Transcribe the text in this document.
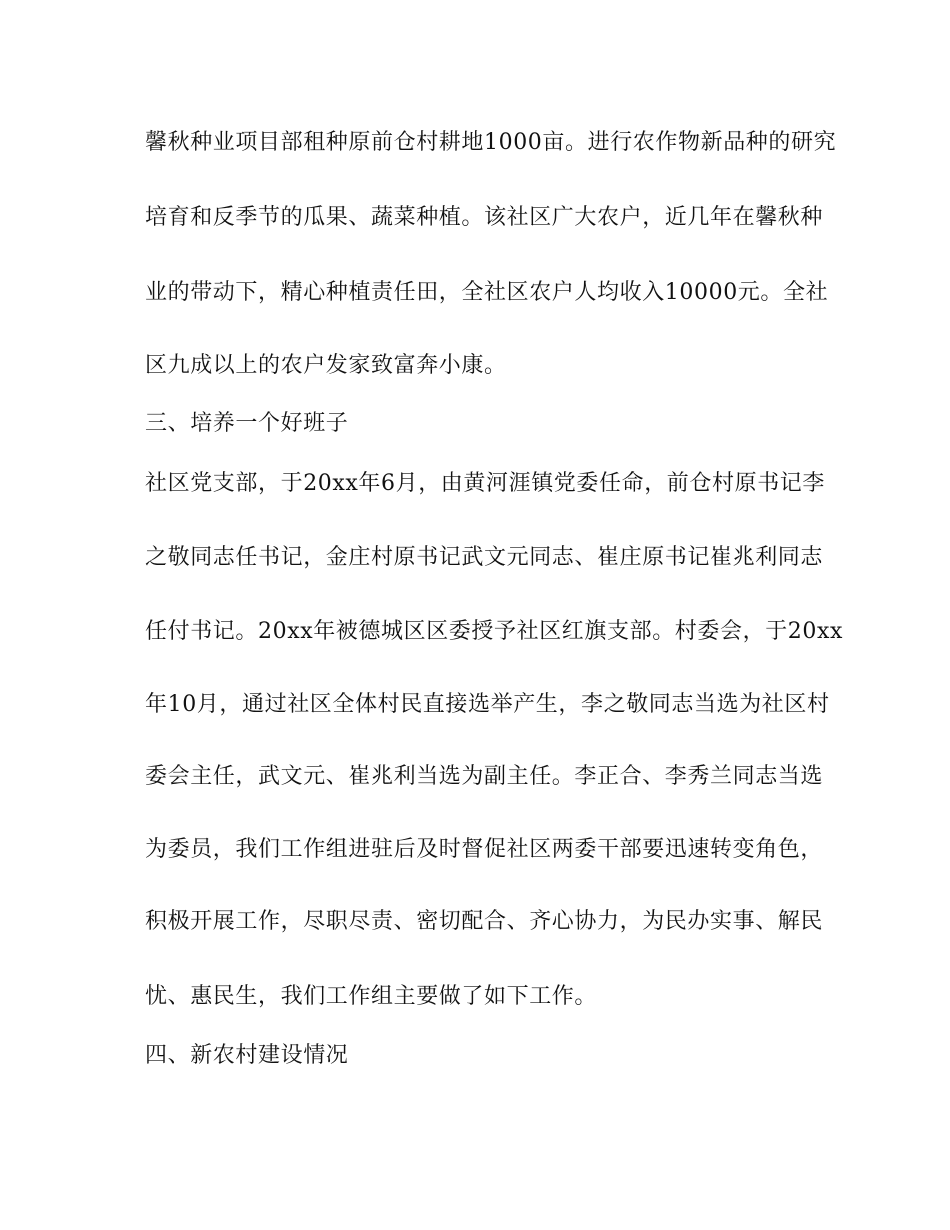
馨秋种业项目部租种原前仓村耕地1000亩。进行农作物新品种的研究
培育和反季节的瓜果、蔬菜种植。该社区广大农户，近几年在馨秋种
业的带动下，精心种植责任田，全社区农户人均收入10000元。全社
区九成以上的农户发家致富奔小康。
三、培养一个好班子
社区党支部，于20xx年6月，由黄河涯镇党委任命，前仓村原书记李
之敬同志任书记，金庄村原书记武文元同志、崔庄原书记崔兆利同志
任付书记。20xx年被德城区区委授予社区红旗支部。村委会，于20xx
年10月，通过社区全体村民直接选举产生，李之敬同志当选为社区村
委会主任，武文元、崔兆利当选为副主任。李正合、李秀兰同志当选
为委员，我们工作组进驻后及时督促社区两委干部要迅速转变角色，
积极开展工作，尽职尽责、密切配合、齐心协力，为民办实事、解民
忧、惠民生，我们工作组主要做了如下工作。
四、新农村建设情况
